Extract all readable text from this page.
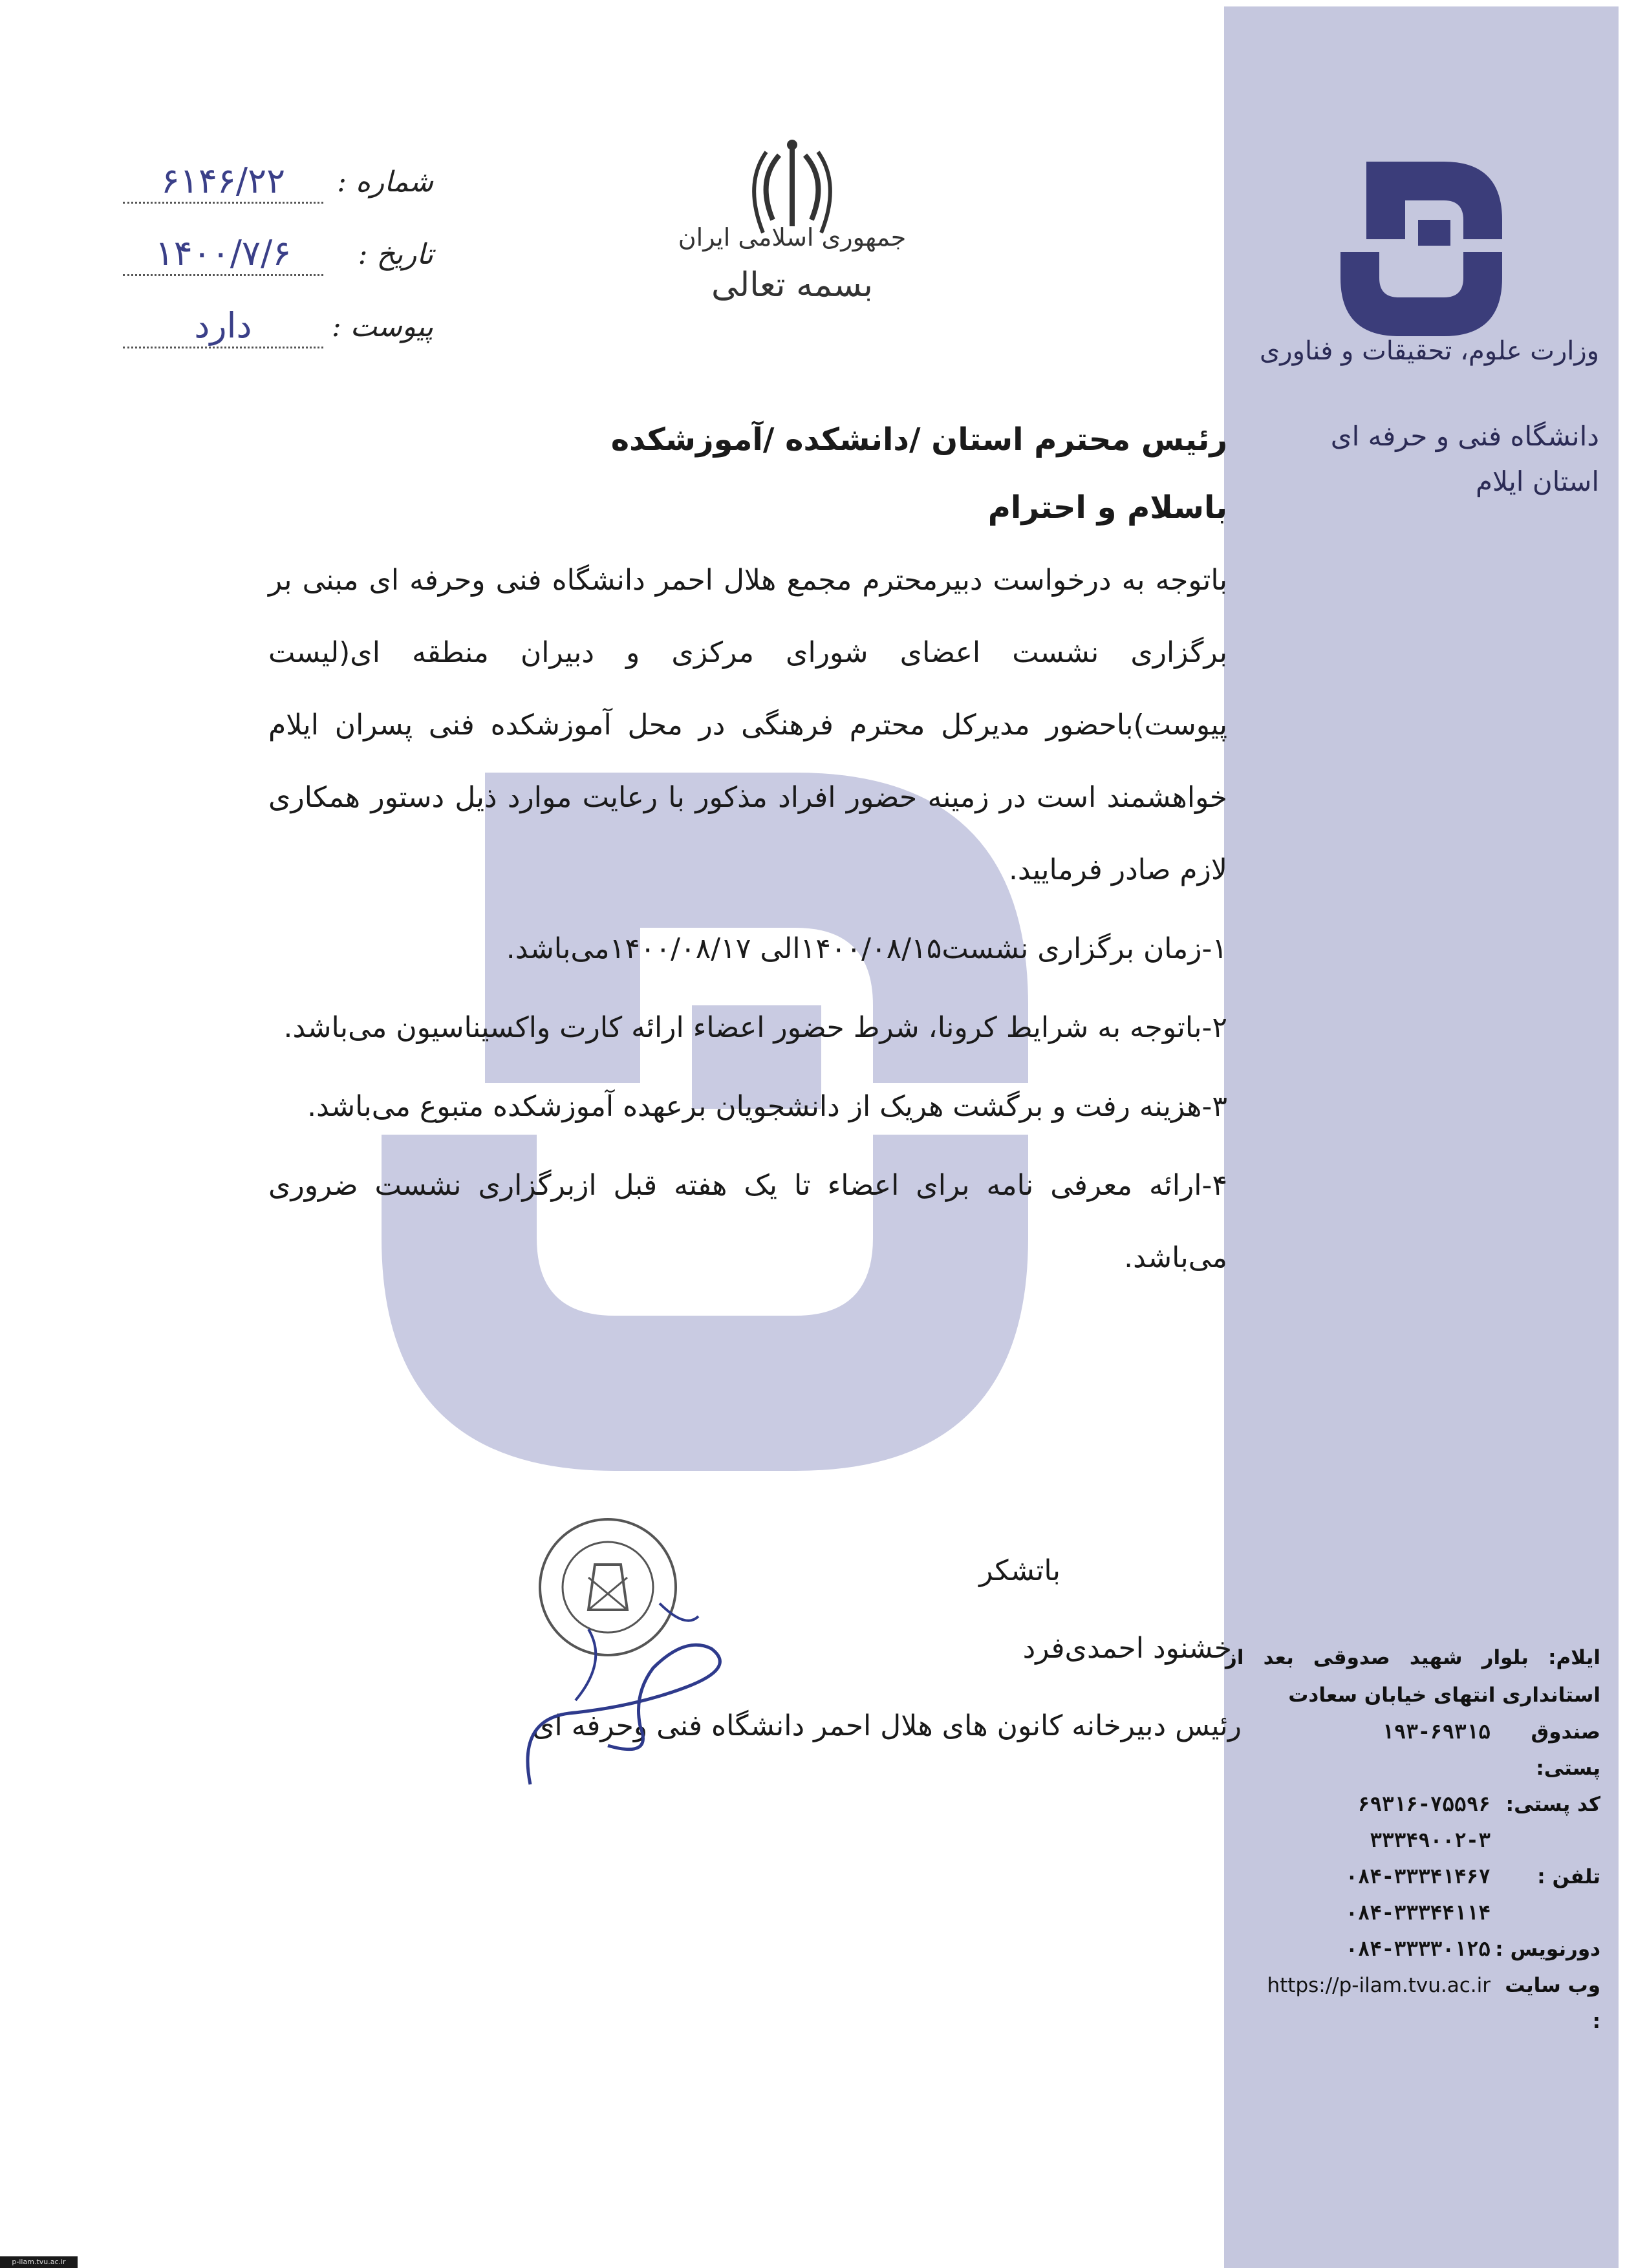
وزارت علوم، تحقیقات و فناوری
دانشگاه فنی و حرفه ای
استان ایلام
ایلام: بلوار شهید صدوقی بعد از استانداری انتهای خیابان سعادت
صندوق پستی:
۱۹۳-۶۹۳۱۵
کد پستی:
۶۹۳۱۶-۷۵۵۹۶
۳۳۳۴۹۰۰۲-۳
تلفن :
۰۸۴-۳۳۳۴۱۴۶۷
۰۸۴-۳۳۳۴۴۱۱۴
دورنویس :
۰۸۴-۳۳۳۳۰۱۲۵
وب سایت :
https://p-ilam.tvu.ac.ir
جمهوری اسلامی ایران
بسمه تعالی
شماره :
۶۱۴۶/۲۲
تاریخ :
۱۴۰۰/۷/۶
پیوست :
دارد

رئیس محترم استان /دانشکده /آموزشکده

باسلام و احترام

باتوجه به درخواست دبیرمحترم مجمع هلال احمر دانشگاه فنی وحرفه ای مبنی بر برگزاری نشست اعضای شورای مرکزی و دبیران منطقه ای(لیست پیوست)باحضور مدیرکل محترم فرهنگی در محل آموزشکده فنی پسران ایلام خواهشمند است در زمینه حضور افراد مذکور با رعایت موارد ذیل دستور همکاری لازم صادر فرمایید.

۱-زمان برگزاری نشست۱۴۰۰/۰۸/۱۵الی ۱۴۰۰/۰۸/۱۷می‌باشد.

۲-باتوجه به شرایط کرونا، شرط حضور اعضاء ارائه کارت واکسیناسیون می‌باشد.

۳-هزینه رفت و برگشت هریک از دانشجویان برعهده آموزشکده متبوع می‌باشد.

۴-ارائه معرفی نامه برای اعضاء تا یک هفته قبل ازبرگزاری نشست ضروری می‌باشد.

باتشکر

خشنود احمدی‌فرد

رئیس دبیرخانه کانون های هلال احمر دانشگاه فنی وحرفه ای

p-ilam.tvu.ac.ir
